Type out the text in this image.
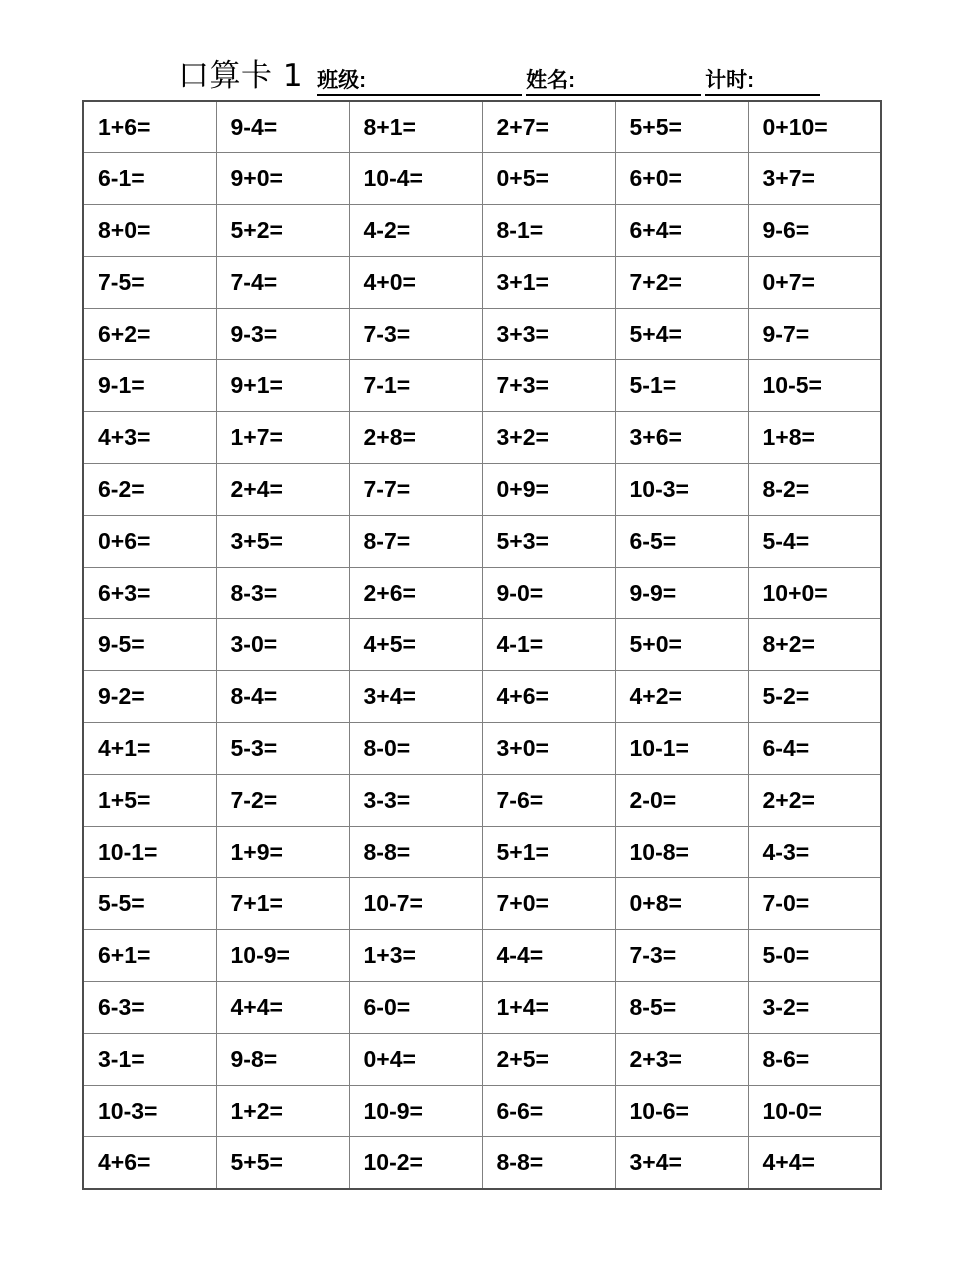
口算卡 1 班级:	姓名:	计时:
1+6=	9-4=	8+1=	2+7=	5+5=	0+10=
6-1=	9+0=	10-4=	0+5=	6+0=	3+7=
8+0=	5+2=	4-2=	8-1=	6+4=	9-6=
7-5=	7-4=	4+0=	3+1=	7+2=	0+7=
6+2=	9-3=	7-3=	3+3=	5+4=	9-7=
9-1=	9+1=	7-1=	7+3=	5-1=	10-5=
4+3=	1+7=	2+8=	3+2=	3+6=	1+8=
6-2=	2+4=	7-7=	0+9=	10-3=	8-2=
0+6=	3+5=	8-7=	5+3=	6-5=	5-4=
6+3=	8-3=	2+6=	9-0=	9-9=	10+0=
9-5=	3-0=	4+5=	4-1=	5+0=	8+2=
9-2=	8-4=	3+4=	4+6=	4+2=	5-2=
4+1=	5-3=	8-0=	3+0=	10-1=	6-4=
1+5=	7-2=	3-3=	7-6=	2-0=	2+2=
10-1=	1+9=	8-8=	5+1=	10-8=	4-3=
5-5=	7+1=	10-7=	7+0=	0+8=	7-0=
6+1=	10-9=	1+3=	4-4=	7-3=	5-0=
6-3=	4+4=	6-0=	1+4=	8-5=	3-2=
3-1=	9-8=	0+4=	2+5=	2+3=	8-6=
10-3=	1+2=	10-9=	6-6=	10-6=	10-0=
4+6=	5+5=	10-2=	8-8=	3+4=	4+4=
